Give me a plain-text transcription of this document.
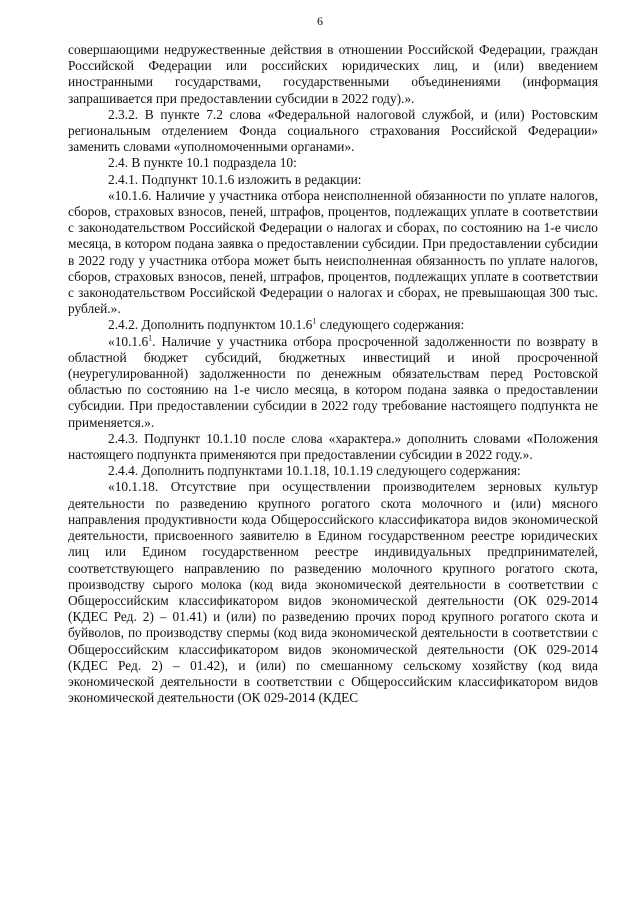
6

совершающими недружественные действия в отношении Российской Федерации, граждан Российской Федерации или российских юридических лиц, и (или) введением иностранными государствами, государственными объединениями (информация запрашивается при предоставлении субсидии в 2022 году).».

2.3.2. В пункте 7.2 слова «Федеральной налоговой службой, и (или) Ростовским региональным отделением Фонда социального страхования Российской Федерации» заменить словами «уполномоченными органами».

2.4. В пункте 10.1 подраздела 10:

2.4.1. Подпункт 10.1.6 изложить в редакции:

«10.1.6. Наличие у участника отбора неисполненной обязанности по уплате налогов, сборов, страховых взносов, пеней, штрафов, процентов, подлежащих уплате в соответствии с законодательством Российской Федерации о налогах и сборах, по состоянию на 1-е число месяца, в котором подана заявка о предоставлении субсидии. При предоставлении субсидии в 2022 году у участника отбора может быть неисполненная обязанность по уплате налогов, сборов, страховых взносов, пеней, штрафов, процентов, подлежащих уплате в соответствии с законодательством Российской Федерации о налогах и сборах, не превышающая 300 тыс. рублей.».

2.4.2. Дополнить подпунктом 10.1.6$^1$ следующего содержания:

«10.1.6$^1$. Наличие у участника отбора просроченной задолженности по возврату в областной бюджет субсидий, бюджетных инвестиций и иной просроченной (неурегулированной) задолженности по денежным обязательствам перед Ростовской областью по состоянию на 1-е число месяца, в котором подана заявка о предоставлении субсидии. При предоставлении субсидии в 2022 году требование настоящего подпункта не применяется.».

2.4.3. Подпункт 10.1.10 после слова «характера.» дополнить словами «Положения настоящего подпункта применяются при предоставлении субсидии в 2022 году.».

2.4.4. Дополнить подпунктами 10.1.18, 10.1.19 следующего содержания:

«10.1.18. Отсутствие при осуществлении производителем зерновых культур деятельности по разведению крупного рогатого скота молочного и (или) мясного направления продуктивности кода Общероссийского классификатора видов экономической деятельности, присвоенного заявителю в Едином государственном реестре юридических лиц или Едином государственном реестре индивидуальных предпринимателей, соответствующего направлению по разведению молочного крупного рогатого скота, производству сырого молока (код вида экономической деятельности в соответствии с Общероссийским классификатором видов экономической деятельности (ОК 029-2014 (КДЕС Ред. 2) – 01.41) и (или) по разведению прочих пород крупного рогатого скота и буйволов, по производству спермы (код вида экономической деятельности в соответствии с Общероссийским классификатором видов экономической деятельности (ОК 029-2014 (КДЕС Ред. 2) – 01.42), и (или) по смешанному сельскому хозяйству (код вида экономической деятельности в соответствии с Общероссийским классификатором видов экономической деятельности (ОК 029-2014 (КДЕС
